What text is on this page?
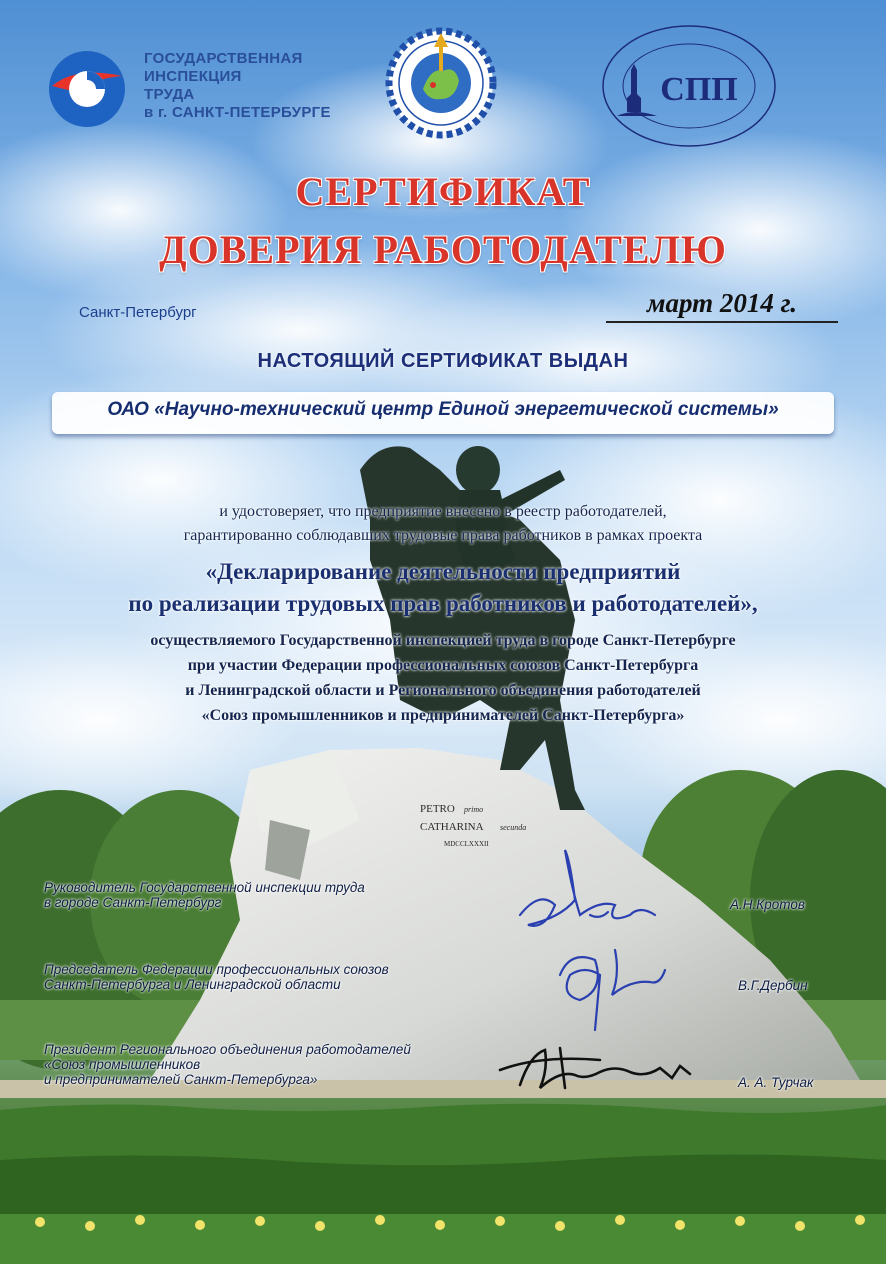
ГОСУДАРСТВЕННАЯ
ИНСПЕКЦИЯ
ТРУДА
в г. САНКТ-ПЕТЕРБУРГЕ
СПП
СЕРТИФИКАТ
ДОВЕРИЯ РАБОТОДАТЕЛЮ
Санкт-Петербург	март 2014 г.
НАСТОЯЩИЙ СЕРТИФИКАТ ВЫДАН
ОАО «Научно-технический центр Единой энергетической системы»
и удостоверяет, что предприятие внесено в реестр работодателей,
гарантированно соблюдавших трудовые права работников в рамках проекта
«Декларирование деятельности предприятий
по реализации трудовых прав работников и работодателей»,
осуществляемого Государственной инспекцией труда в городе Санкт-Петербурге
при участии Федерации профессиональных союзов Санкт-Петербурга
и Ленинградской области и Регионального объединения работодателей
«Союз промышленников и предпринимателей Санкт-Петербурга»
PETRO primo
CATHARINA secunda
MDCCLXXXII
Руководитель Государственной инспекции труда
в городе Санкт-Петербург	А.Н.Кротов
Председатель Федерации профессиональных союзов
Санкт-Петербурга и Ленинградской области	В.Г.Дербин
Президент Регионального объединения работодателей
«Союз промышленников
и предпринимателей Санкт-Петербурга»	А. А. Турчак
